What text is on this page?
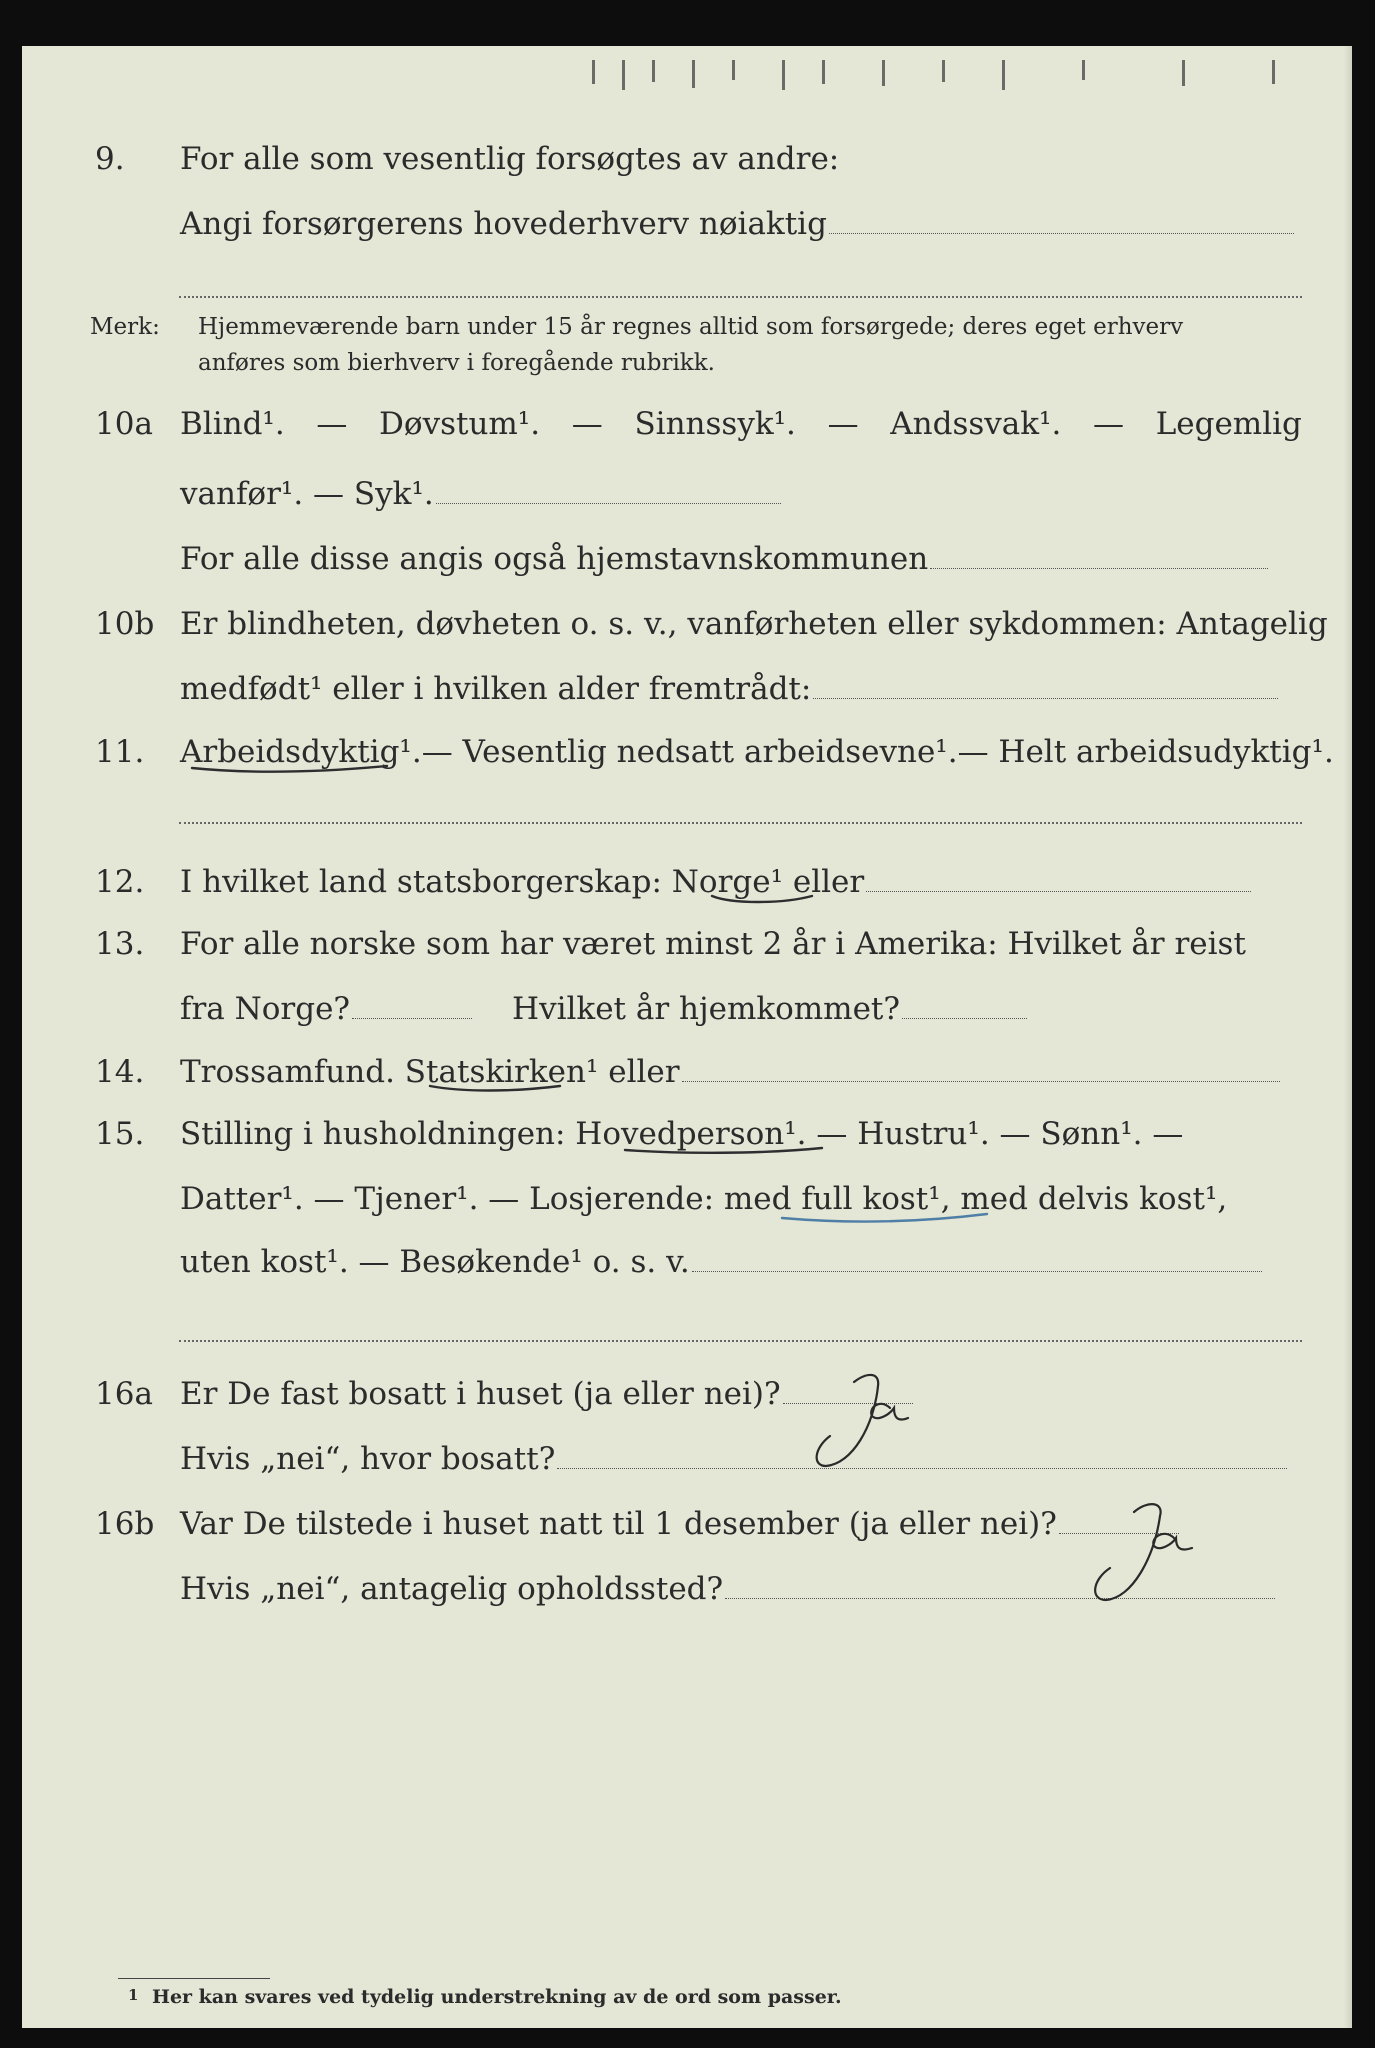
9. For alle som vesentlig forsøgtes av andre:
Angi forsørgerens hovederhverv nøiaktig
Merk: Hjemmeværende barn under 15 år regnes alltid som forsørgede; deres eget erhverv
anføres som bierhverv i foregående rubrikk.
10a Blind¹. — Døvstum¹. — Sinnssyk¹. — Andssvak¹. — Legemlig
vanfør¹. — Syk¹.
For alle disse angis også hjemstavnskommunen
10b Er blindheten, døvheten o. s. v., vanførheten eller sykdommen: Antagelig
medfødt¹ eller i hvilken alder fremtrådt:
11. Arbeidsdyktig¹. — Vesentlig nedsatt arbeidsevne¹. — Helt arbeidsudyktig¹.
12. I hvilket land statsborgerskap: Norge¹ eller
13. For alle norske som har været minst 2 år i Amerika: Hvilket år reist
fra Norge?	Hvilket år hjemkommet?
14. Trossamfund. Statskirken¹ eller
15. Stilling i husholdningen: Hovedperson¹. — Hustru¹. — Sønn¹. —
Datter¹. — Tjener¹. — Losjerende: med full kost¹, med delvis kost¹,
uten kost¹. — Besøkende¹ o. s. v.
16a Er De fast bosatt i huset (ja eller nei)?
Hvis „nei“, hvor bosatt?
16b Var De tilstede i huset natt til 1 desember (ja eller nei)?
Hvis „nei“, antagelig opholdssted?
Ja
Ja
1 Her kan svares ved tydelig understrekning av de ord som passer.
